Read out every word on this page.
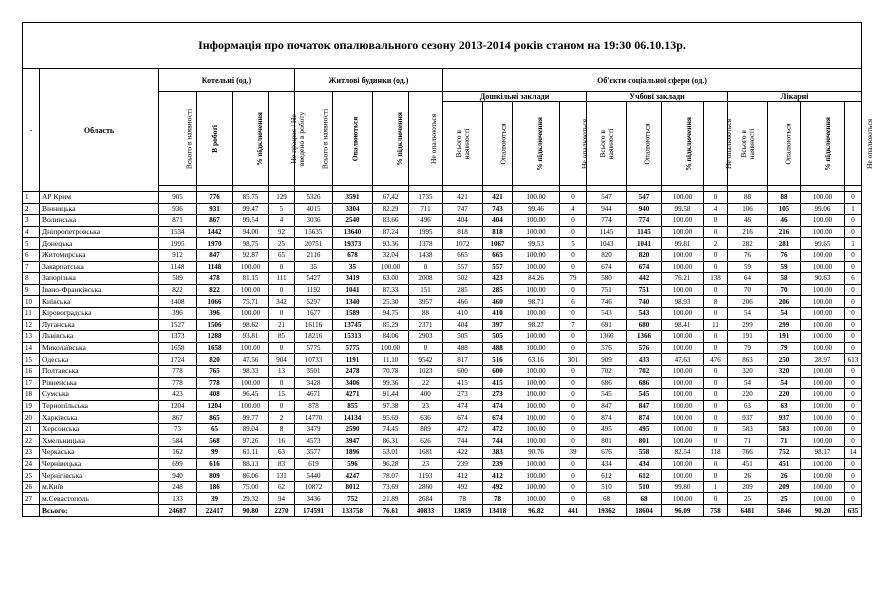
Інформація про початок опалювального сезону 2013-2014 років станом на 19:30 06.10.13р.																					
-	Область	Котельні (од.)				Житлові будинки (од.)				Об'єкти соціальної сфери (од.)											
		Всього в наявності	В роботі	% підключення	Не працює / Не введено в роботу	Всього в наявності	Опалюються	% підключення	Не опалюються	Дошкільні заклади				Учбові заклади				Лікарні			
										Всього в наявності	Опалюються	% підключення	Не опалюються	Всього в наявності	Опалюються	% підключення	Не опалюються	Всього в наявності	Опалюються	% підключення	Не опалюються

1	АР Крим	905	776	85.75	129	5326	3591	67.42	1735	421	421	100.00	0	547	547	100.00	0	88	88	100.00	0
2	Вінницька	936	931	99.47	5	4015	3304	82.29	711	747	743	99.46	4	944	940	99.58	4	106	105	99.06	1
3	Волинська	871	867	99.54	4	3036	2540	83.66	496	404	404	100.00	0	774	774	100.00	0	46	46	100.00	0
4	Дніпропетровська	1534	1442	94.00	92	15635	13640	87.24	1995	818	818	100.00	0	1145	1145	100.00	0	216	216	100.00	0
5	Донецька	1995	1970	98.75	25	20751	19373	93.36	1378	1072	1067	99.53	5	1043	1041	99.81	2	282	281	99.65	1
6	Житомирська	912	847	92.87	65	2116	678	32.04	1438	665	665	100.00	0	820	820	100.00	0	76	76	100.00	0
7	Закарпатська	1148	1148	100.00	0	35	35	100.00	0	557	557	100.00	0	674	674	100.00	0	59	59	100.00	0
8	Запорізька	589	478	81.15	111	5427	3419	63.00	2008	502	423	84.26	79	580	442	76.21	138	64	58	90.63	6
9	Івано-Франківська	822	822	100.00	0	1192	1041	87.33	151	285	285	100.00	0	751	751	100.00	0	70	70	100.00	0
10	Київська	1408	1066	75.71	342	5297	1340	25.30	3957	466	460	98.71	6	746	740	98.93	8	206	206	100.00	0
11	Кіровоградська	396	396	100.00	0	1677	1589	94.75	88	410	410	100.00	0	543	543	100.00	0	54	54	100.00	0
12	Луганська	1527	1506	98.62	21	16116	13745	85.29	2371	404	397	98.27	7	691	680	98.41	11	299	299	100.00	0
13	Львівська	1373	1288	93.81	85	18216	15313	84.06	2903	505	505	100.00	0	1366	1366	100.00	0	191	191	100.00	0
14	Миколаївська	1658	1658	100.00	0	5775	5775	100.00	0	488	488	100.00	0	576	576	100.00	0	79	79	100.00	0
15	Одеська	1724	820	47.56	904	10733	1191	11.10	9542	817	516	63.16	301	909	433	47.63	476	863	250	28.97	613
16	Полтавська	778	765	98.33	13	3501	2478	70.78	1023	600	600	100.00	0	702	702	100.00	0	320	320	100.00	0
17	Рівненська	778	778	100.00	0	3428	3406	99.36	22	415	415	100.00	0	686	686	100.00	0	54	54	100.00	0
18	Сумська	423	408	96.45	15	4671	4271	91.44	400	273	273	100.00	0	545	545	100.00	0	220	220	100.00	0
19	Тернопільська	1204	1204	100.00	0	878	855	97.38	23	474	474	100.00	0	847	847	100.00	0	63	63	100.00	0
20	Харківська	867	865	99.77	2	14770	14134	95.69	636	674	674	100.00	0	874	874	100.00	0	937	937	100.00	0
21	Херсонська	73	65	89.04	8	3479	2590	74.45	889	472	472	100.00	0	495	495	100.00	0	583	583	100.00	0
22	Хмельницька	584	568	97.26	16	4573	3947	86.31	626	744	744	100.00	0	801	801	100.00	0	71	71	100.00	0
23	Черкаська	162	99	61.11	63	3577	1896	53.01	1681	422	383	90.76	39	676	558	82.54	118	766	752	98.17	14
24	Чернівецька	699	616	88.13	83	619	596	96.28	23	239	239	100.00	0	434	434	100.00	0	451	451	100.00	0
25	Чернігівська	940	809	86.06	131	5440	4247	78.07	1193	412	412	100.00	0	612	612	100.00	0	26	26	100.00	0
26	м.Київ	248	186	75.00	62	10872	8012	73.69	2860	492	492	100.00	0	510	510	99.80	1	209	209	100.00	0
27	м.Севастополь	133	39	29.32	94	3436	752	21.89	2684	78	78	100.00	0	68	68	100.00	0	25	25	100.00	0
	Всього:	24687	22417	90.80	2270	174591	133758	76.61	40833	13859	13418	96.82	441	19362	18604	96.09	758	6481	5846	90.20	635
